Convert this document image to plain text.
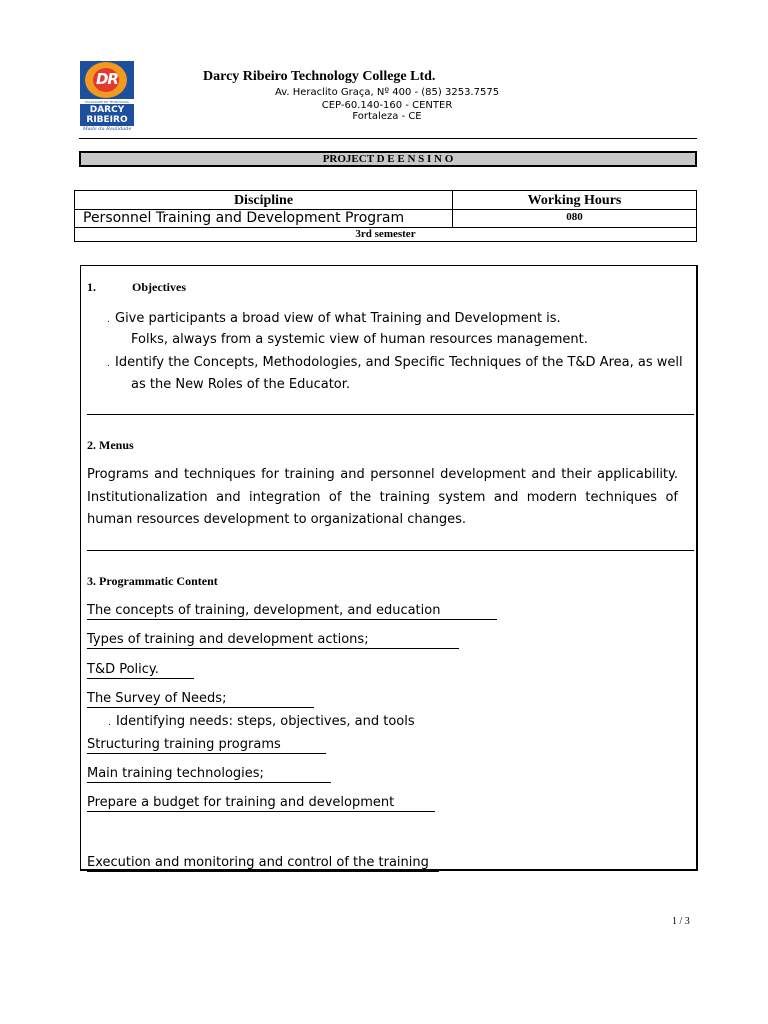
DR
FACULDADE DE TECNOLOGIA
DARCY
RIBEIRO
Made da Realidade
Darcy Ribeiro Technology College Ltd.
Av. Heraclito Graça, Nº 400 - (85) 3253.7575
CEP-60.140-160 - CENTER
Fortaleza - CE
PROJECT D E E N S I N O
Discipline	Working Hours
Personnel Training and Development Program	080
3rd semester
1.	Objectives
. Give participants a broad view of what Training and Development is.
Folks, always from a systemic view of human resources management.
. Identify the Concepts, Methodologies, and Specific Techniques of the T&D Area, as well
as the New Roles of the Educator.
2. Menus
Programs and techniques for training and personnel development and their applicability. Institutionalization and integration of the training system and modern techniques of human resources development to organizational changes.
3. Programmatic Content
The concepts of training, development, and education
Types of training and development actions;
T&D Policy.
The Survey of Needs;
. Identifying needs: steps, objectives, and tools
Structuring training programs
Main training technologies;
Prepare a budget for training and development
Execution and monitoring and control of the training
1 / 3
